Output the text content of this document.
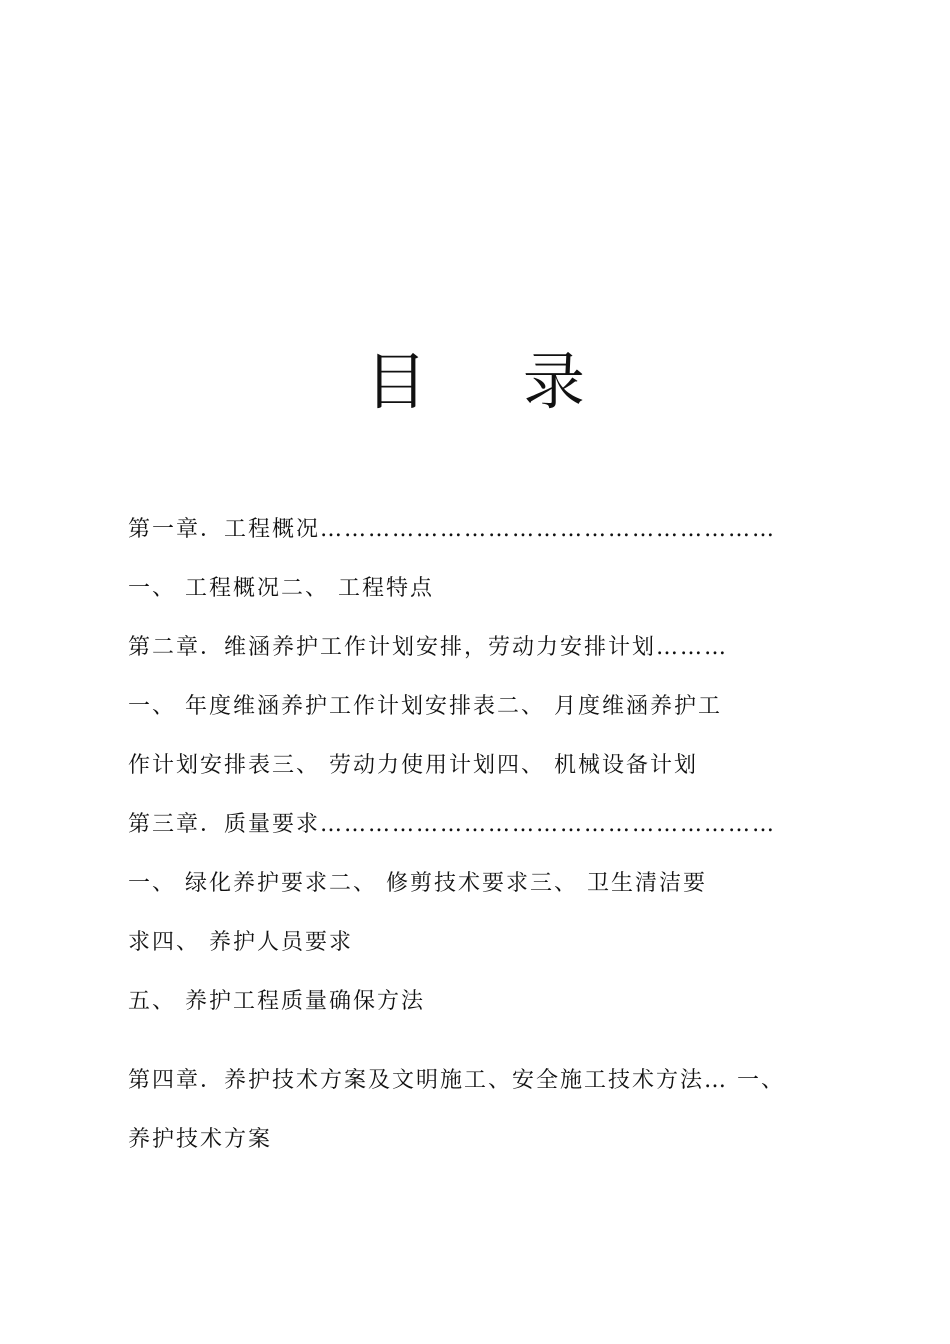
目 录

第一章．工程概况…………………………………………………

一、 工程概况二、 工程特点

第二章．维涵养护工作计划安排，劳动力安排计划………

一、 年度维涵养护工作计划安排表二、 月度维涵养护工

作计划安排表三、 劳动力使用计划四、 机械设备计划

第三章．质量要求…………………………………………………

一、 绿化养护要求二、 修剪技术要求三、 卫生清洁要

求四、 养护人员要求

五、 养护工程质量确保方法

第四章．养护技术方案及文明施工、安全施工技术方法… 一、

养护技术方案
